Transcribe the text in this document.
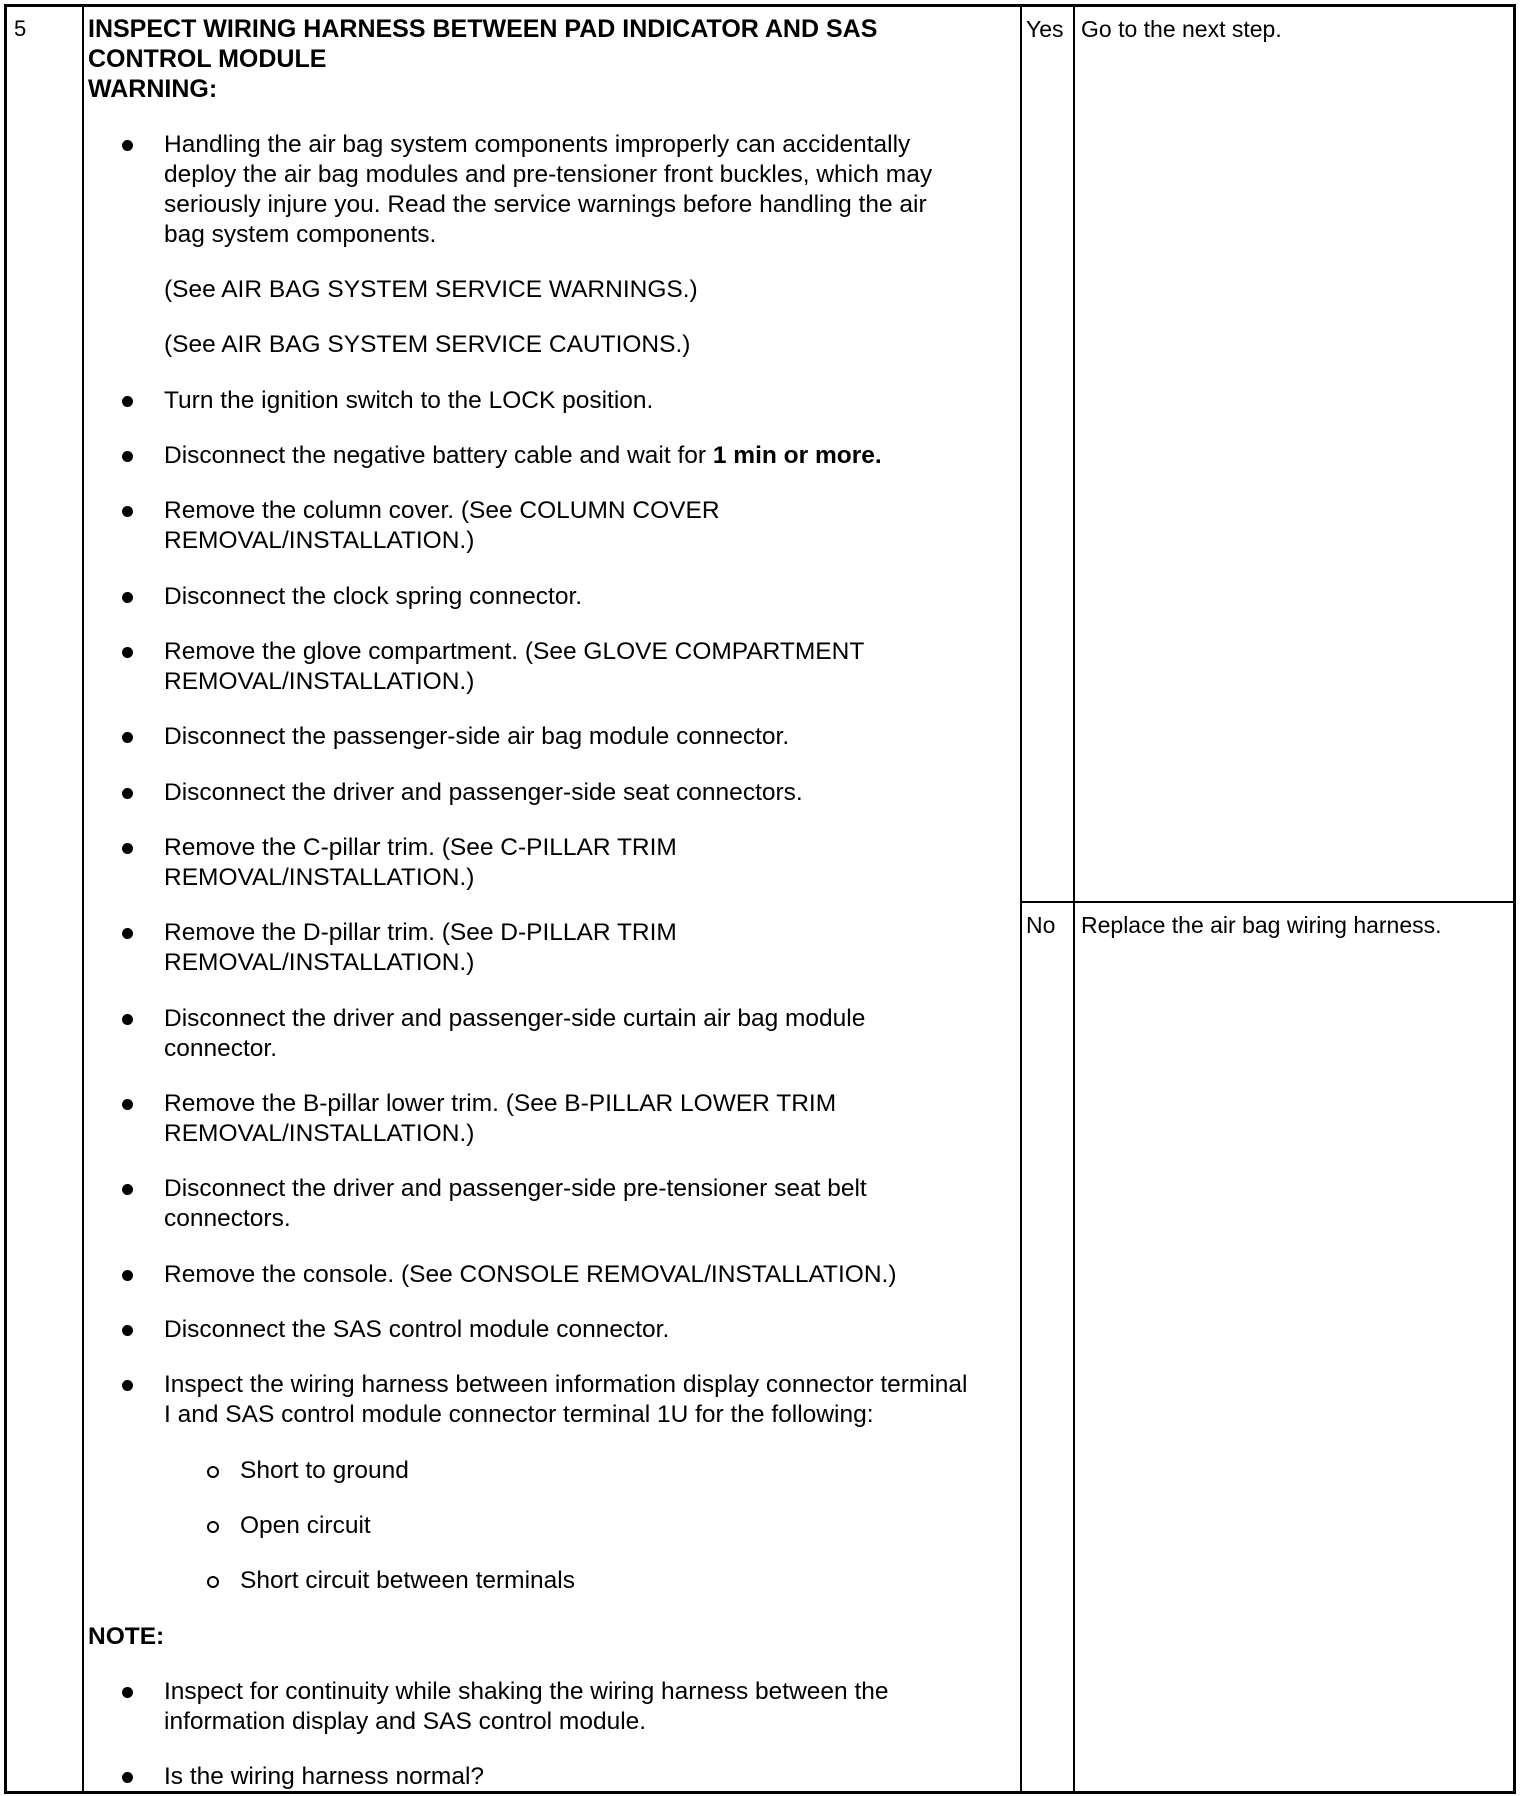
5 INSPECT WIRING HARNESS BETWEEN PAD INDICATOR AND SAS
CONTROL MODULE
WARNING:
Handling the air bag system components improperly can accidentally
deploy the air bag modules and pre-tensioner front buckles, which may
seriously injure you. Read the service warnings before handling the air
bag system components.
(See AIR BAG SYSTEM SERVICE WARNINGS.)
(See AIR BAG SYSTEM SERVICE CAUTIONS.)
Turn the ignition switch to the LOCK position.
Disconnect the negative battery cable and wait for 1 min or more.
Remove the column cover. (See COLUMN COVER
REMOVAL/INSTALLATION.)
Disconnect the clock spring connector.
Remove the glove compartment. (See GLOVE COMPARTMENT
REMOVAL/INSTALLATION.)
Disconnect the passenger-side air bag module connector.
Disconnect the driver and passenger-side seat connectors.
Remove the C-pillar trim. (See C-PILLAR TRIM
REMOVAL/INSTALLATION.)
Remove the D-pillar trim. (See D-PILLAR TRIM
REMOVAL/INSTALLATION.)
Disconnect the driver and passenger-side curtain air bag module
connector.
Remove the B-pillar lower trim. (See B-PILLAR LOWER TRIM
REMOVAL/INSTALLATION.)
Disconnect the driver and passenger-side pre-tensioner seat belt
connectors.
Remove the console. (See CONSOLE REMOVAL/INSTALLATION.)
Disconnect the SAS control module connector.
Inspect the wiring harness between information display connector terminal
I and SAS control module connector terminal 1U for the following:
Short to ground
Open circuit
Short circuit between terminals
NOTE:
Inspect for continuity while shaking the wiring harness between the
information display and SAS control module.
Is the wiring harness normal?
Yes Go to the next step.
No Replace the air bag wiring harness.
